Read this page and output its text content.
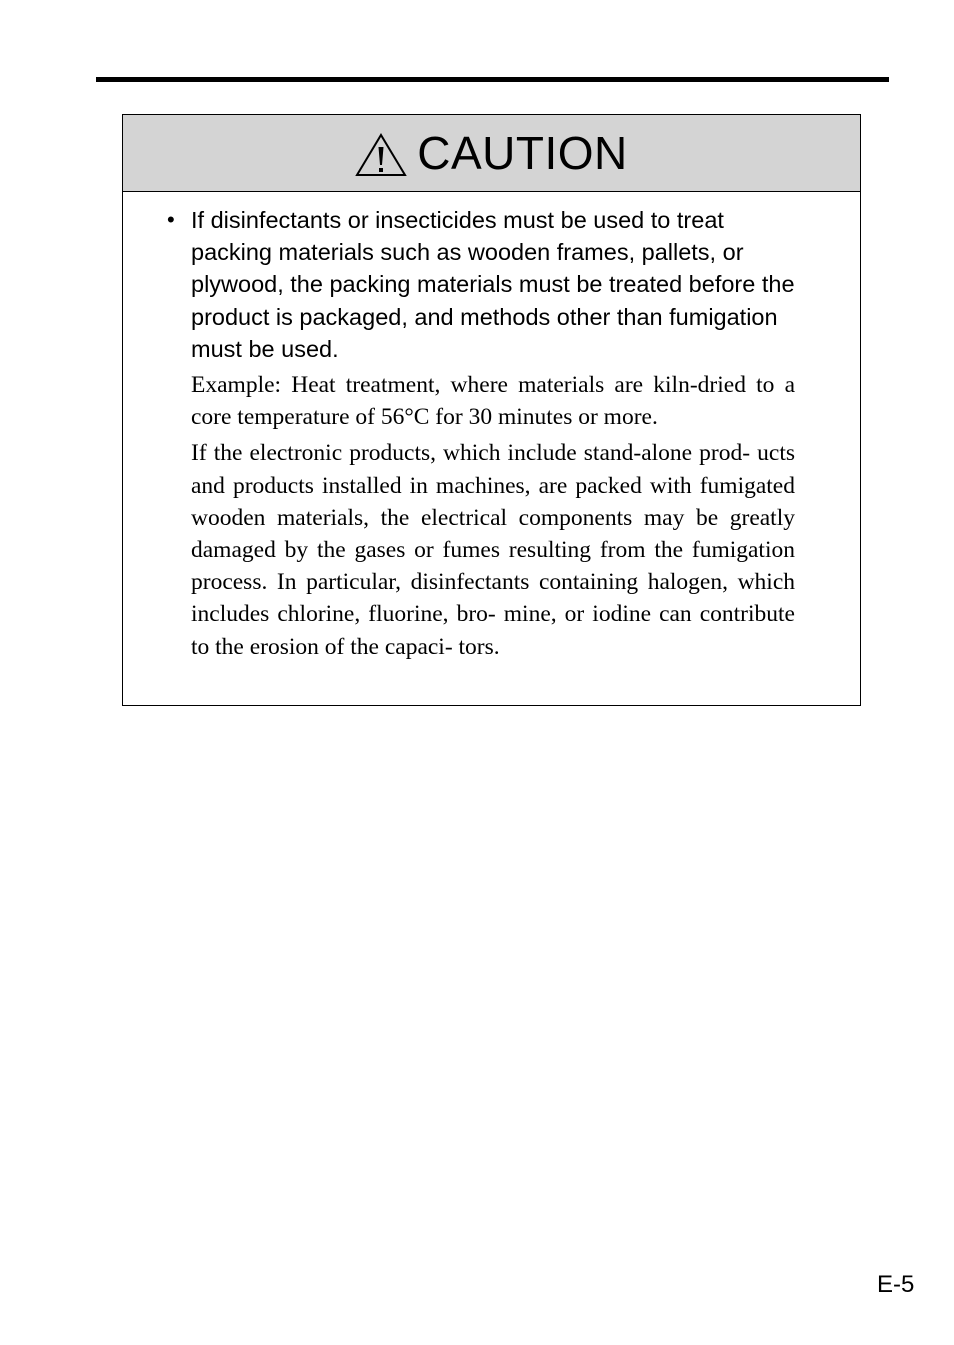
CAUTION
• If disinfectants or insecticides must be used to treat packing materials such as wooden frames, pallets, or plywood, the packing materials must be treated before the product is packaged, and methods other than fumigation must be used.

Example: Heat treatment, where materials are kiln-dried to a core temperature of 56°C for 30 minutes or more.

If the electronic products, which include stand-alone prod- ucts and products installed in machines, are packed with fumigated wooden materials, the electrical components may be greatly damaged by the gases or fumes resulting from the fumigation process. In particular, disinfectants containing halogen, which includes chlorine, fluorine, bro- mine, or iodine can contribute to the erosion of the capaci- tors.

E-5
